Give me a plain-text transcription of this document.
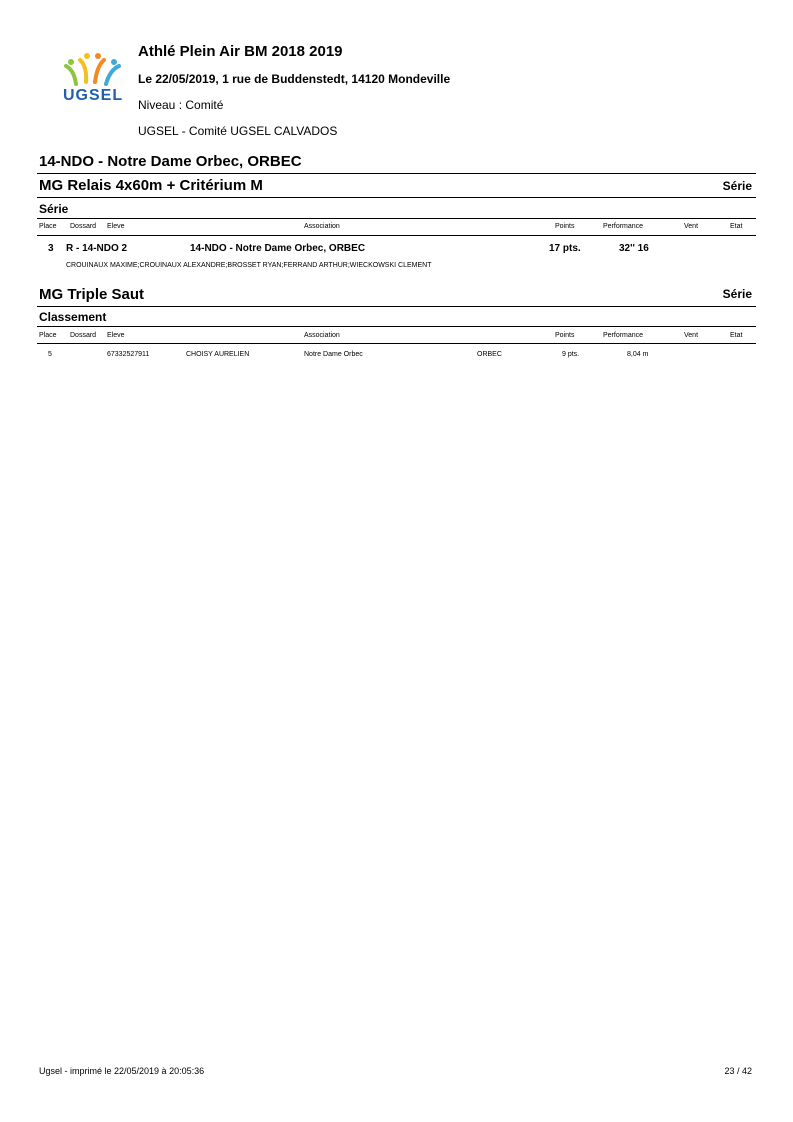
UGSEL
Athlé Plein Air BM 2018 2019
Le 22/05/2019, 1 rue de Buddenstedt, 14120 Mondeville
Niveau : Comité
UGSEL - Comité UGSEL CALVADOS
14-NDO - Notre Dame Orbec, ORBEC
MG Relais 4x60m + Critérium M	Série
Série
Place Dossard Eleve	Association	Points	Performance	Vent	Etat
3 R - 14-NDO 2	14-NDO - Notre Dame Orbec, ORBEC	17 pts.	32'' 16
CROUINAUX MAXIME;CROUINAUX ALEXANDRE;BROSSET RYAN;FERRAND ARTHUR;WIECKOWSKI CLEMENT
MG Triple Saut	Série
Classement
Place Dossard Eleve	Association	Points	Performance	Vent	Etat
5	67332527911	CHOISY AURELIEN	Notre Dame Orbec	ORBEC	9 pts.	8,04 m
Ugsel - imprimé le 22/05/2019 à 20:05:36	23 / 42
